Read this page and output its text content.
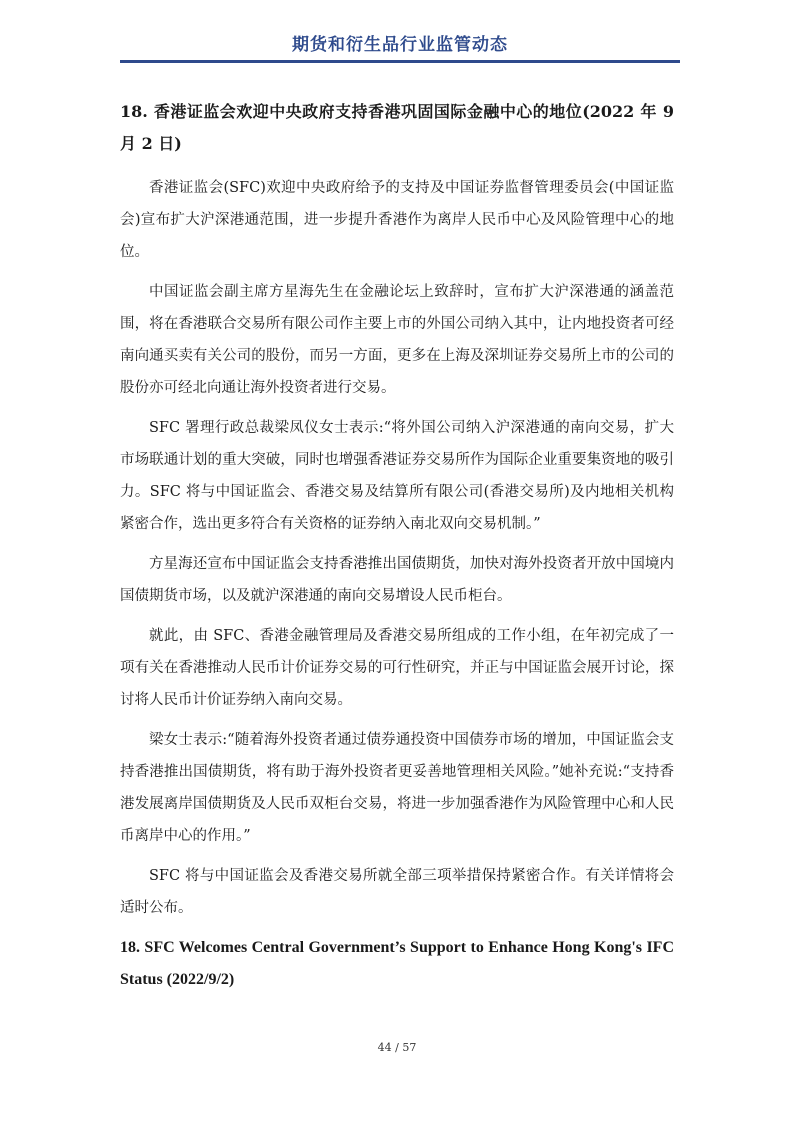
期货和衍生品行业监管动态
18. 香港证监会欢迎中央政府支持香港巩固国际金融中心的地位(2022 年 9 月 2 日)

香港证监会(SFC)欢迎中央政府给予的支持及中国证券监督管理委员会(中国证监会)宣布扩大沪深港通范围，进一步提升香港作为离岸人民币中心及风险管理中心的地位。

中国证监会副主席方星海先生在金融论坛上致辞时，宣布扩大沪深港通的涵盖范围，将在香港联合交易所有限公司作主要上市的外国公司纳入其中，让内地投资者可经南向通买卖有关公司的股份，而另一方面，更多在上海及深圳证券交易所上市的公司的股份亦可经北向通让海外投资者进行交易。

SFC 署理行政总裁梁凤仪女士表示:“将外国公司纳入沪深港通的南向交易，扩大市场联通计划的重大突破，同时也增强香港证券交易所作为国际企业重要集资地的吸引力。SFC 将与中国证监会、香港交易及结算所有限公司(香港交易所)及内地相关机构紧密合作，选出更多符合有关资格的证券纳入南北双向交易机制。”

方星海还宣布中国证监会支持香港推出国债期货，加快对海外投资者开放中国境内国债期货市场，以及就沪深港通的南向交易增设人民币柜台。

就此，由 SFC、香港金融管理局及香港交易所组成的工作小组，在年初完成了一项有关在香港推动人民币计价证券交易的可行性研究，并正与中国证监会展开讨论，探讨将人民币计价证券纳入南向交易。

梁女士表示:“随着海外投资者通过债券通投资中国债券市场的增加，中国证监会支持香港推出国债期货，将有助于海外投资者更妥善地管理相关风险。”她补充说:“支持香港发展离岸国债期货及人民币双柜台交易，将进一步加强香港作为风险管理中心和人民币离岸中心的作用。”

SFC 将与中国证监会及香港交易所就全部三项举措保持紧密合作。有关详情将会适时公布。

18. SFC Welcomes Central Government’s Support to Enhance Hong Kong's IFC Status (2022/9/2)
44 / 57
